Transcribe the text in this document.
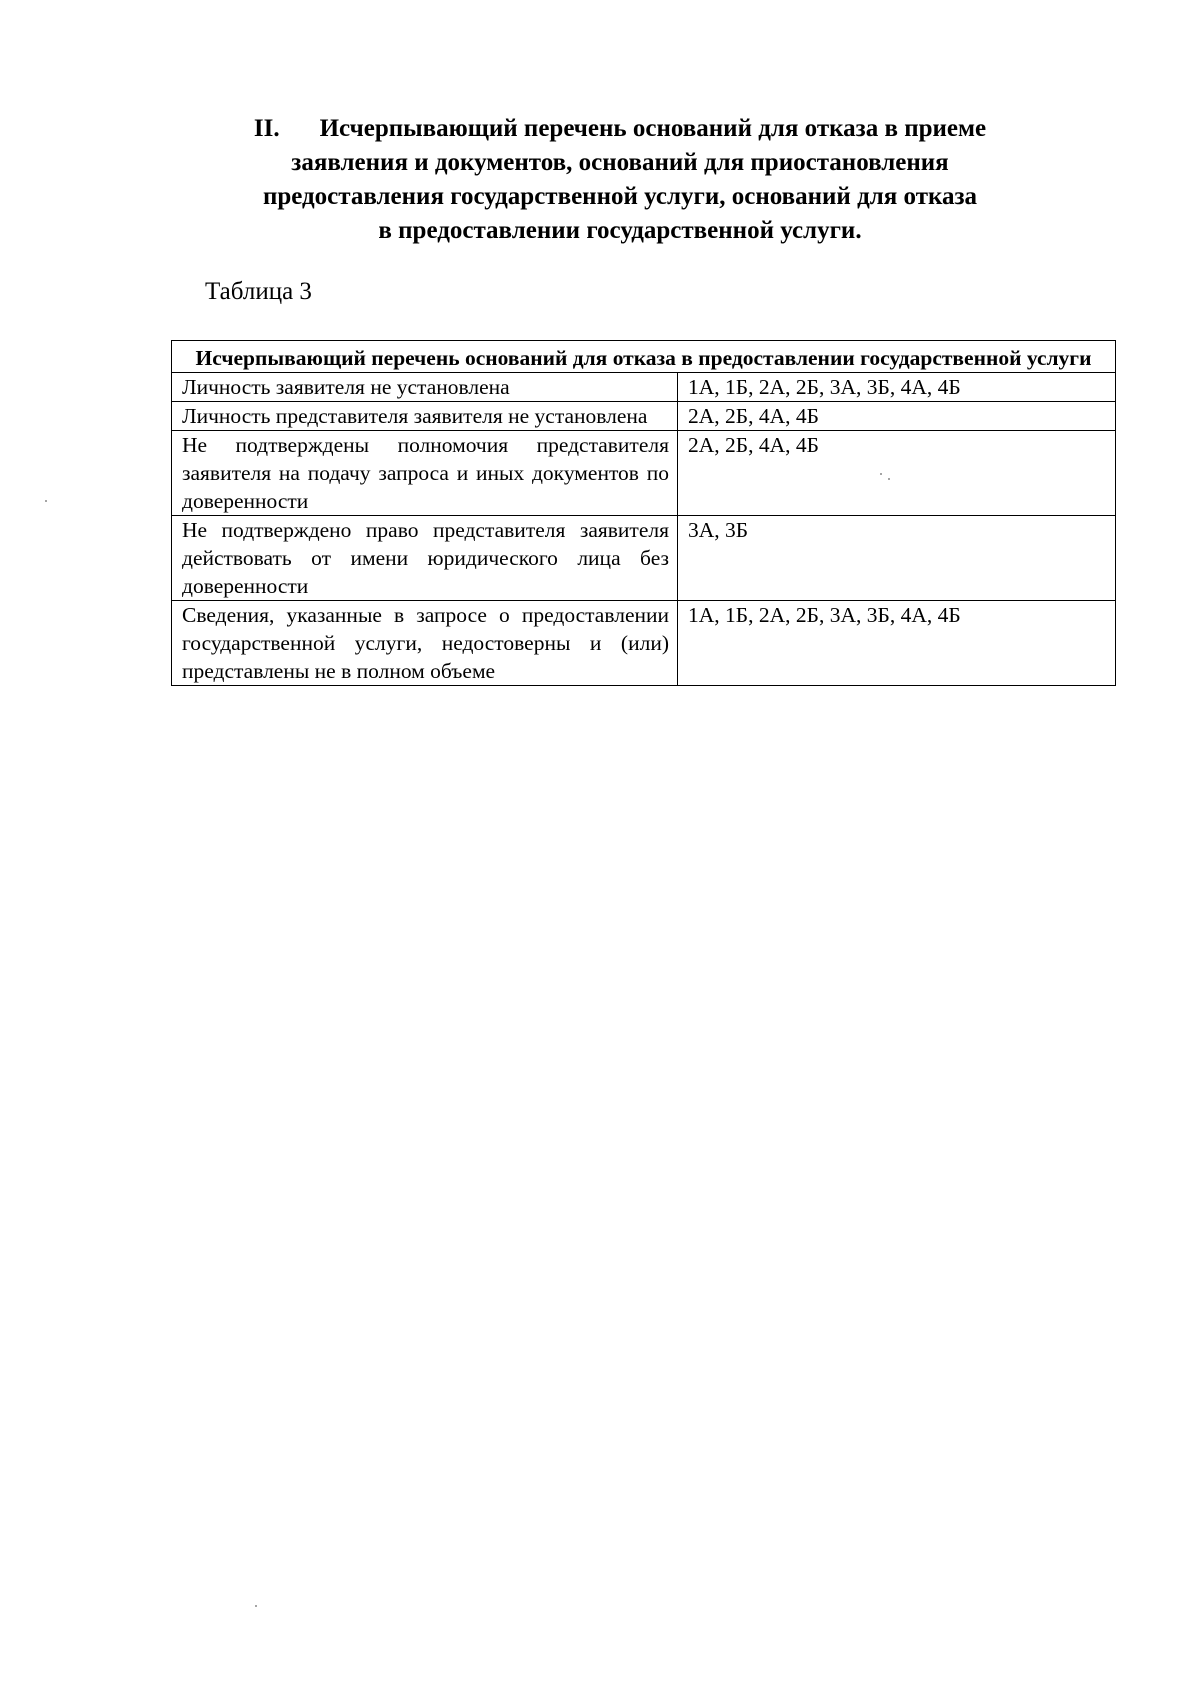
II. Исчерпывающий перечень оснований для отказа в приеме
заявления и документов, оснований для приостановления
предоставления государственной услуги, оснований для отказа
в предоставлении государственной услуги.
Таблица 3
Исчерпывающий перечень оснований для отказа в предоставлении государственной услуги	
Личность заявителя не установлена	1А, 1Б, 2А, 2Б, 3А, 3Б, 4А, 4Б
Личность представителя заявителя не установлена	2А, 2Б, 4А, 4Б
Не подтверждены полномочия представителя заявителя на подачу запроса и иных документов по доверенности	2А, 2Б, 4А, 4Б
Не подтверждено право представителя заявителя действовать от имени юридического лица без доверенности	3А, 3Б
Сведения, указанные в запросе о предоставлении государственной услуги, недостоверны и (или) представлены не в полном объеме	1А, 1Б, 2А, 2Б, 3А, 3Б, 4А, 4Б
